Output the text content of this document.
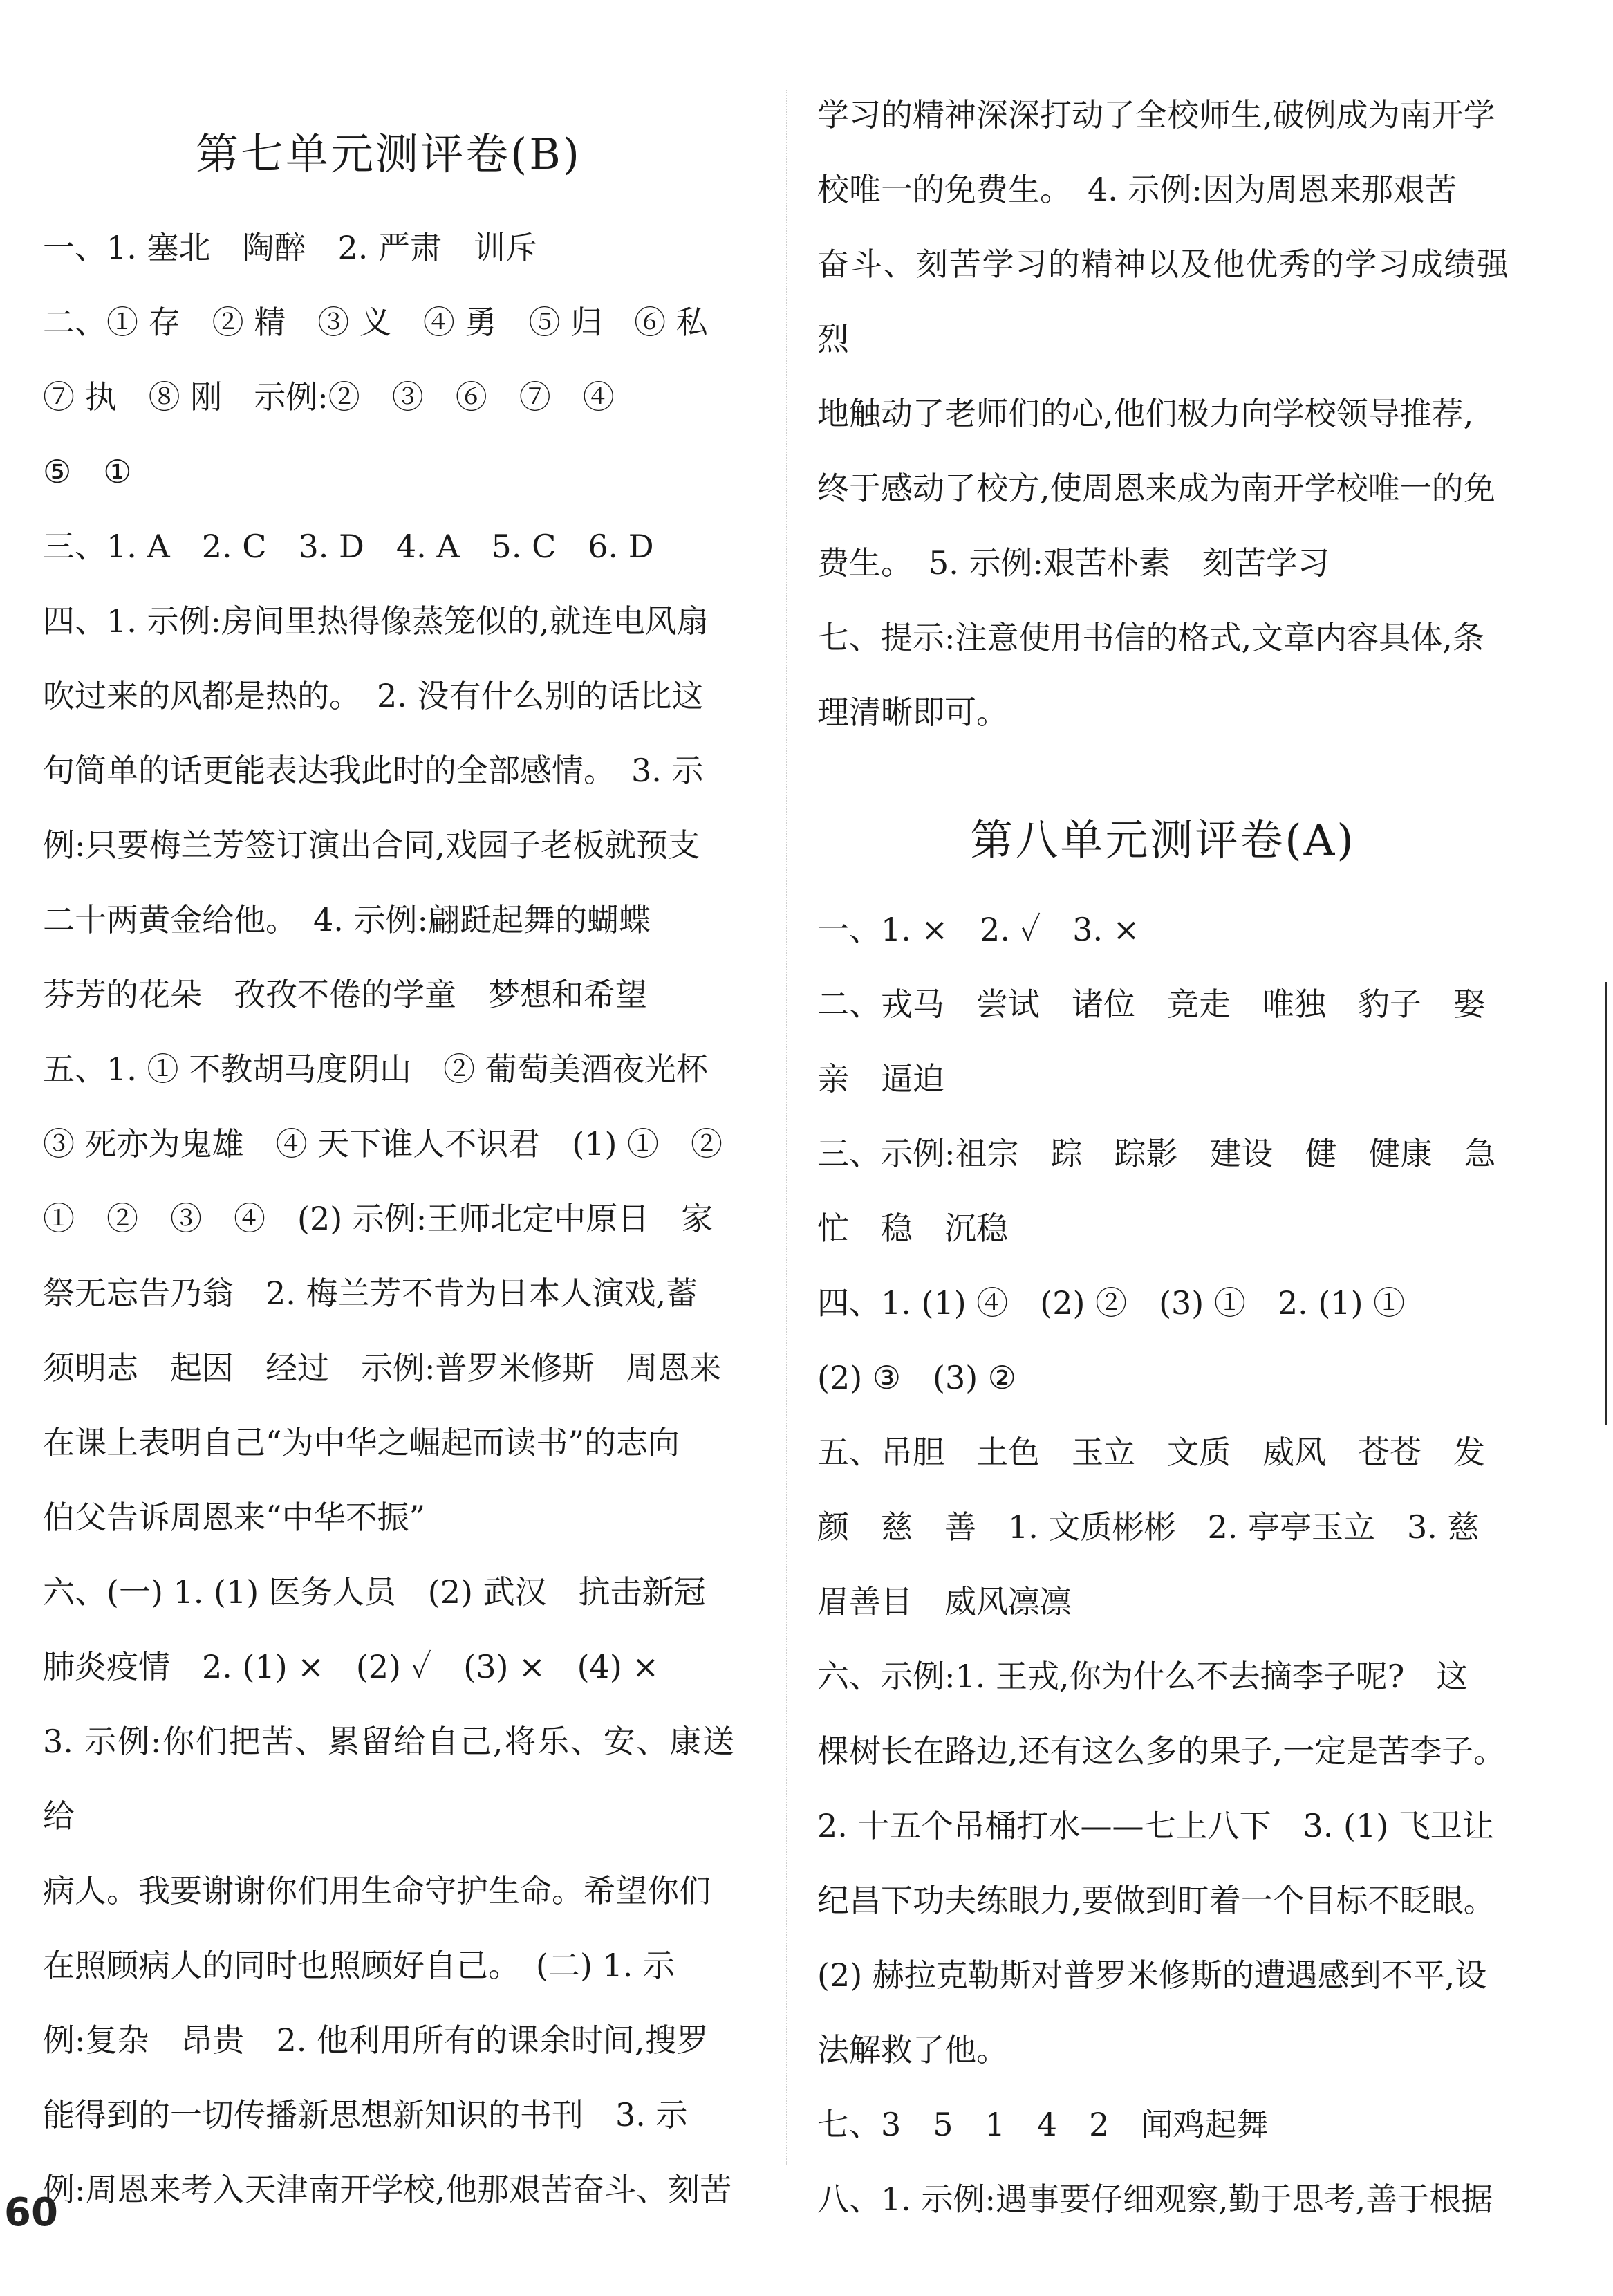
第七单元测评卷(B)

一、1. 塞北　陶醉　2. 严肃　训斥

二、① 存　② 精　③ 义　④ 勇　⑤ 归　⑥ 私

⑦ 执　⑧ 刚　示例:②　③　⑥　⑦　④

⑤　①

三、1. A　2. C　3. D　4. A　5. C　6. D

四、1. 示例:房间里热得像蒸笼似的,就连电风扇

吹过来的风都是热的。　2. 没有什么别的话比这

句简单的话更能表达我此时的全部感情。　3. 示

例:只要梅兰芳签订演出合同,戏园子老板就预支

二十两黄金给他。　4. 示例:翩跹起舞的蝴蝶

芬芳的花朵　孜孜不倦的学童　梦想和希望

五、1. ① 不教胡马度阴山　② 葡萄美酒夜光杯

③ 死亦为鬼雄　④ 天下谁人不识君　(1) ①　②

①　②　③　④　(2) 示例:王师北定中原日　家

祭无忘告乃翁　2. 梅兰芳不肯为日本人演戏,蓄

须明志　起因　经过　示例:普罗米修斯　周恩来

在课上表明自己“为中华之崛起而读书”的志向

伯父告诉周恩来“中华不振”

六、(一) 1. (1) 医务人员　(2) 武汉　抗击新冠

肺炎疫情　2. (1) ×　(2) ✓　(3) ×　(4) ×

3. 示例:你们把苦、累留给自己,将乐、安、康送给

病人。我要谢谢你们用生命守护生命。希望你们

在照顾病人的同时也照顾好自己。　(二) 1. 示

例:复杂　昂贵　2. 他利用所有的课余时间,搜罗

能得到的一切传播新思想新知识的书刊　3. 示

例:周恩来考入天津南开学校,他那艰苦奋斗、刻苦

学习的精神深深打动了全校师生,破例成为南开学

校唯一的免费生。　4. 示例:因为周恩来那艰苦

奋斗、刻苦学习的精神以及他优秀的学习成绩强烈

地触动了老师们的心,他们极力向学校领导推荐,

终于感动了校方,使周恩来成为南开学校唯一的免

费生。　5. 示例:艰苦朴素　刻苦学习

七、提示:注意使用书信的格式,文章内容具体,条

理清晰即可。

第八单元测评卷(A)

一、1. ×　2. ✓　3. ×

二、戎马　尝试　诸位　竞走　唯独　豹子　娶

亲　逼迫

三、示例:祖宗　踪　踪影　建设　健　健康　急

忙　稳　沉稳

四、1. (1) ④　(2) ②　(3) ①　2. (1) ①

(2) ③　(3) ②

五、吊胆　土色　玉立　文质　威风　苍苍　发

颜　慈　善　1. 文质彬彬　2. 亭亭玉立　3. 慈

眉善目　威风凛凛

六、示例:1. 王戎,你为什么不去摘李子呢?　这

棵树长在路边,还有这么多的果子,一定是苦李子。

2. 十五个吊桶打水——七上八下　3. (1) 飞卫让

纪昌下功夫练眼力,要做到盯着一个目标不眨眼。

(2) 赫拉克勒斯对普罗米修斯的遭遇感到不平,设

法解救了他。

七、3　5　1　4　2　闻鸡起舞

八、1. 示例:遇事要仔细观察,勤于思考,善于根据

60
